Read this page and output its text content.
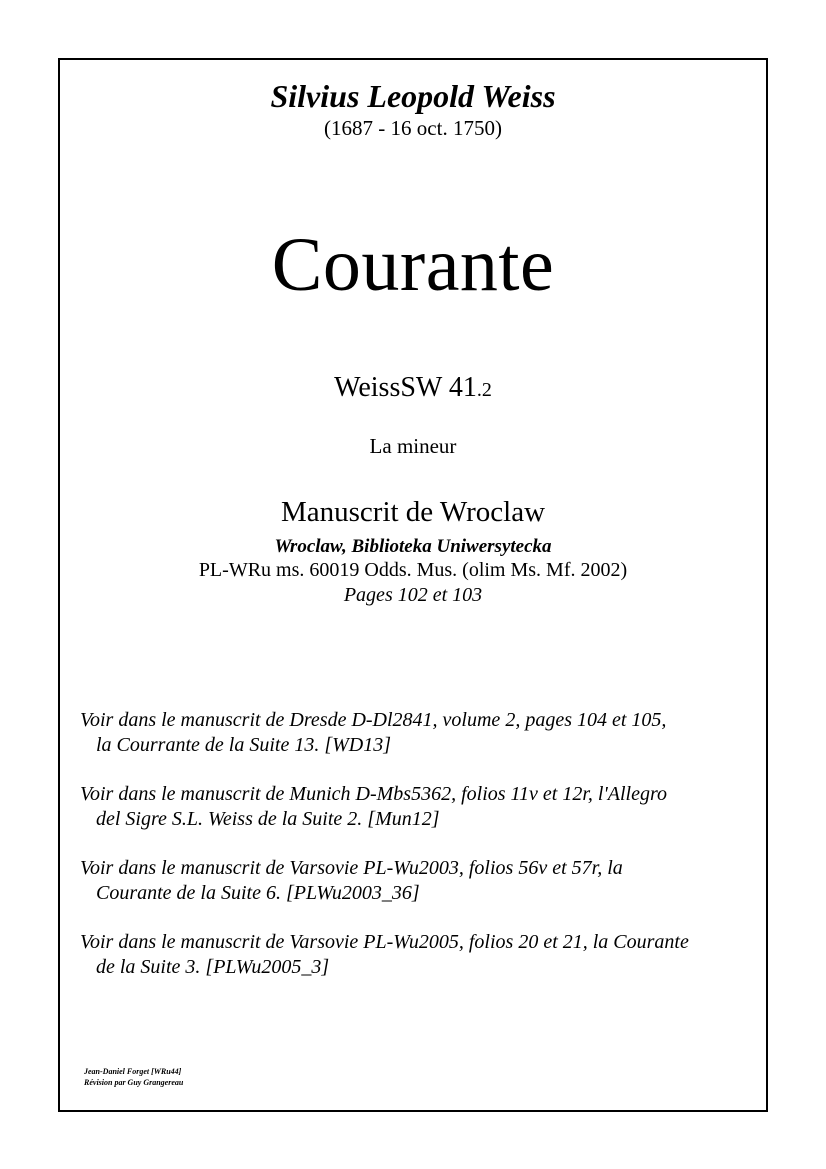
Silvius Leopold Weiss
(1687 - 16 oct. 1750)
Courante
WeissSW 41.2
La mineur
Manuscrit de Wroclaw
Wroclaw, Biblioteka Uniwersytecka
PL-WRu ms. 60019 Odds. Mus. (olim Ms. Mf. 2002)
Pages 102 et 103

Voir dans le manuscrit de Dresde D-Dl2841, volume 2, pages 104 et 105,
la Courrante de la Suite 13. [WD13]

Voir dans le manuscrit de Munich D-Mbs5362, folios 11v et 12r, l'Allegro
del Sigre S.L. Weiss de la Suite 2. [Mun12]

Voir dans le manuscrit de Varsovie PL-Wu2003, folios 56v et 57r, la
Courante de la Suite 6. [PLWu2003_36]

Voir dans le manuscrit de Varsovie PL-Wu2005, folios 20 et 21, la Courante
de la Suite 3. [PLWu2005_3]

Jean-Daniel Forget [WRu44]
Révision par Guy Grangereau
